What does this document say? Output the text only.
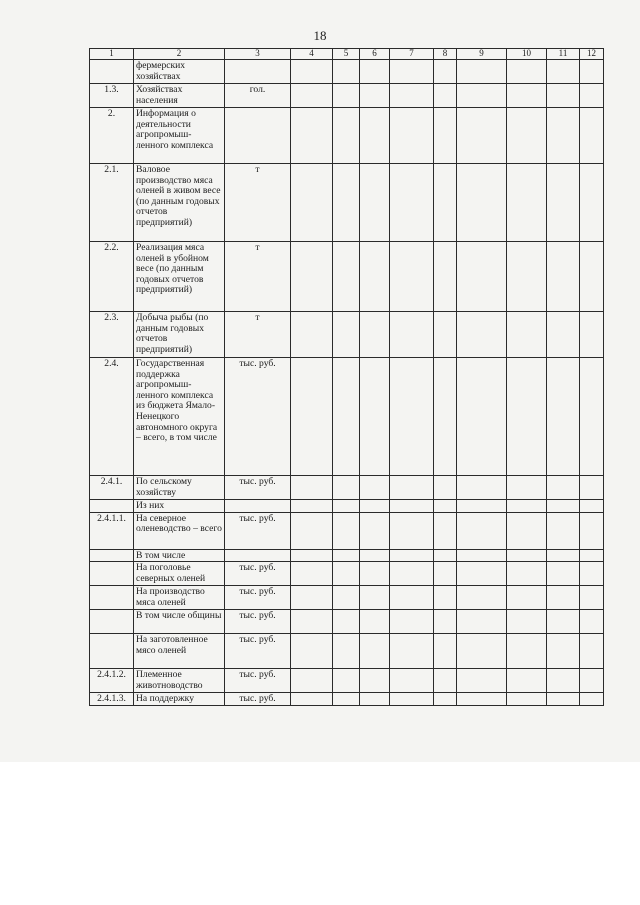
18
1	2	3	4	5	6	7	8	9	10	11	12
	фермерских хозяйствах										
1.3.	Хозяйствах населения	гол.									
2.	Информация о деятельности агропромыш-ленного комплекса										
2.1.	Валовое производство мяса оленей в живом весе (по данным годовых отчетов предприятий)	т									
2.2.	Реализация мяса оленей в убойном весе (по данным годовых отчетов предприятий)	т									
2.3.	Добыча рыбы (по данным годовых отчетов предприятий)	т									
2.4.	Государственная поддержка агропромыш-ленного комплекса из бюджета Ямало-Ненецкого автономного округа – всего, в том числе	тыс. руб.									
2.4.1.	По сельскому хозяйству	тыс. руб.									
	Из них										
2.4.1.1.	На северное оленеводство – всего	тыс. руб.									
	В том числе										
	На поголовье северных оленей	тыс. руб.									
	На производство мяса оленей	тыс. руб.									
	В том числе общины	тыс. руб.									
	На заготовленное мясо оленей	тыс. руб.									
2.4.1.2.	Племенное животноводство	тыс. руб.									
2.4.1.3.	На поддержку	тыс. руб.									
